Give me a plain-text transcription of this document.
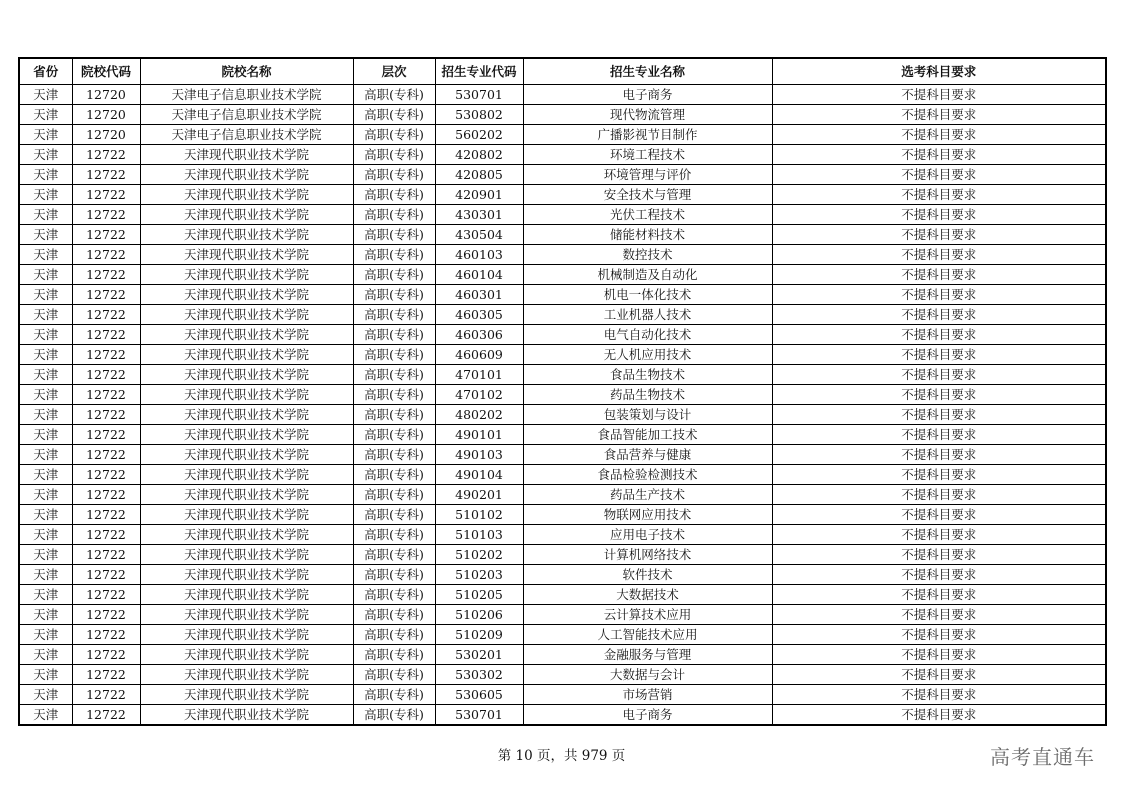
省份	院校代码	院校名称	层次	招生专业代码	招生专业名称	选考科目要求
天津	12720	天津电子信息职业技术学院	高职(专科)	530701	电子商务	不提科目要求
天津	12720	天津电子信息职业技术学院	高职(专科)	530802	现代物流管理	不提科目要求
天津	12720	天津电子信息职业技术学院	高职(专科)	560202	广播影视节目制作	不提科目要求
天津	12722	天津现代职业技术学院	高职(专科)	420802	环境工程技术	不提科目要求
天津	12722	天津现代职业技术学院	高职(专科)	420805	环境管理与评价	不提科目要求
天津	12722	天津现代职业技术学院	高职(专科)	420901	安全技术与管理	不提科目要求
天津	12722	天津现代职业技术学院	高职(专科)	430301	光伏工程技术	不提科目要求
天津	12722	天津现代职业技术学院	高职(专科)	430504	储能材料技术	不提科目要求
天津	12722	天津现代职业技术学院	高职(专科)	460103	数控技术	不提科目要求
天津	12722	天津现代职业技术学院	高职(专科)	460104	机械制造及自动化	不提科目要求
天津	12722	天津现代职业技术学院	高职(专科)	460301	机电一体化技术	不提科目要求
天津	12722	天津现代职业技术学院	高职(专科)	460305	工业机器人技术	不提科目要求
天津	12722	天津现代职业技术学院	高职(专科)	460306	电气自动化技术	不提科目要求
天津	12722	天津现代职业技术学院	高职(专科)	460609	无人机应用技术	不提科目要求
天津	12722	天津现代职业技术学院	高职(专科)	470101	食品生物技术	不提科目要求
天津	12722	天津现代职业技术学院	高职(专科)	470102	药品生物技术	不提科目要求
天津	12722	天津现代职业技术学院	高职(专科)	480202	包装策划与设计	不提科目要求
天津	12722	天津现代职业技术学院	高职(专科)	490101	食品智能加工技术	不提科目要求
天津	12722	天津现代职业技术学院	高职(专科)	490103	食品营养与健康	不提科目要求
天津	12722	天津现代职业技术学院	高职(专科)	490104	食品检验检测技术	不提科目要求
天津	12722	天津现代职业技术学院	高职(专科)	490201	药品生产技术	不提科目要求
天津	12722	天津现代职业技术学院	高职(专科)	510102	物联网应用技术	不提科目要求
天津	12722	天津现代职业技术学院	高职(专科)	510103	应用电子技术	不提科目要求
天津	12722	天津现代职业技术学院	高职(专科)	510202	计算机网络技术	不提科目要求
天津	12722	天津现代职业技术学院	高职(专科)	510203	软件技术	不提科目要求
天津	12722	天津现代职业技术学院	高职(专科)	510205	大数据技术	不提科目要求
天津	12722	天津现代职业技术学院	高职(专科)	510206	云计算技术应用	不提科目要求
天津	12722	天津现代职业技术学院	高职(专科)	510209	人工智能技术应用	不提科目要求
天津	12722	天津现代职业技术学院	高职(专科)	530201	金融服务与管理	不提科目要求
天津	12722	天津现代职业技术学院	高职(专科)	530302	大数据与会计	不提科目要求
天津	12722	天津现代职业技术学院	高职(专科)	530605	市场营销	不提科目要求
天津	12722	天津现代职业技术学院	高职(专科)	530701	电子商务	不提科目要求
第 10 页，共 979 页	高考直通车
